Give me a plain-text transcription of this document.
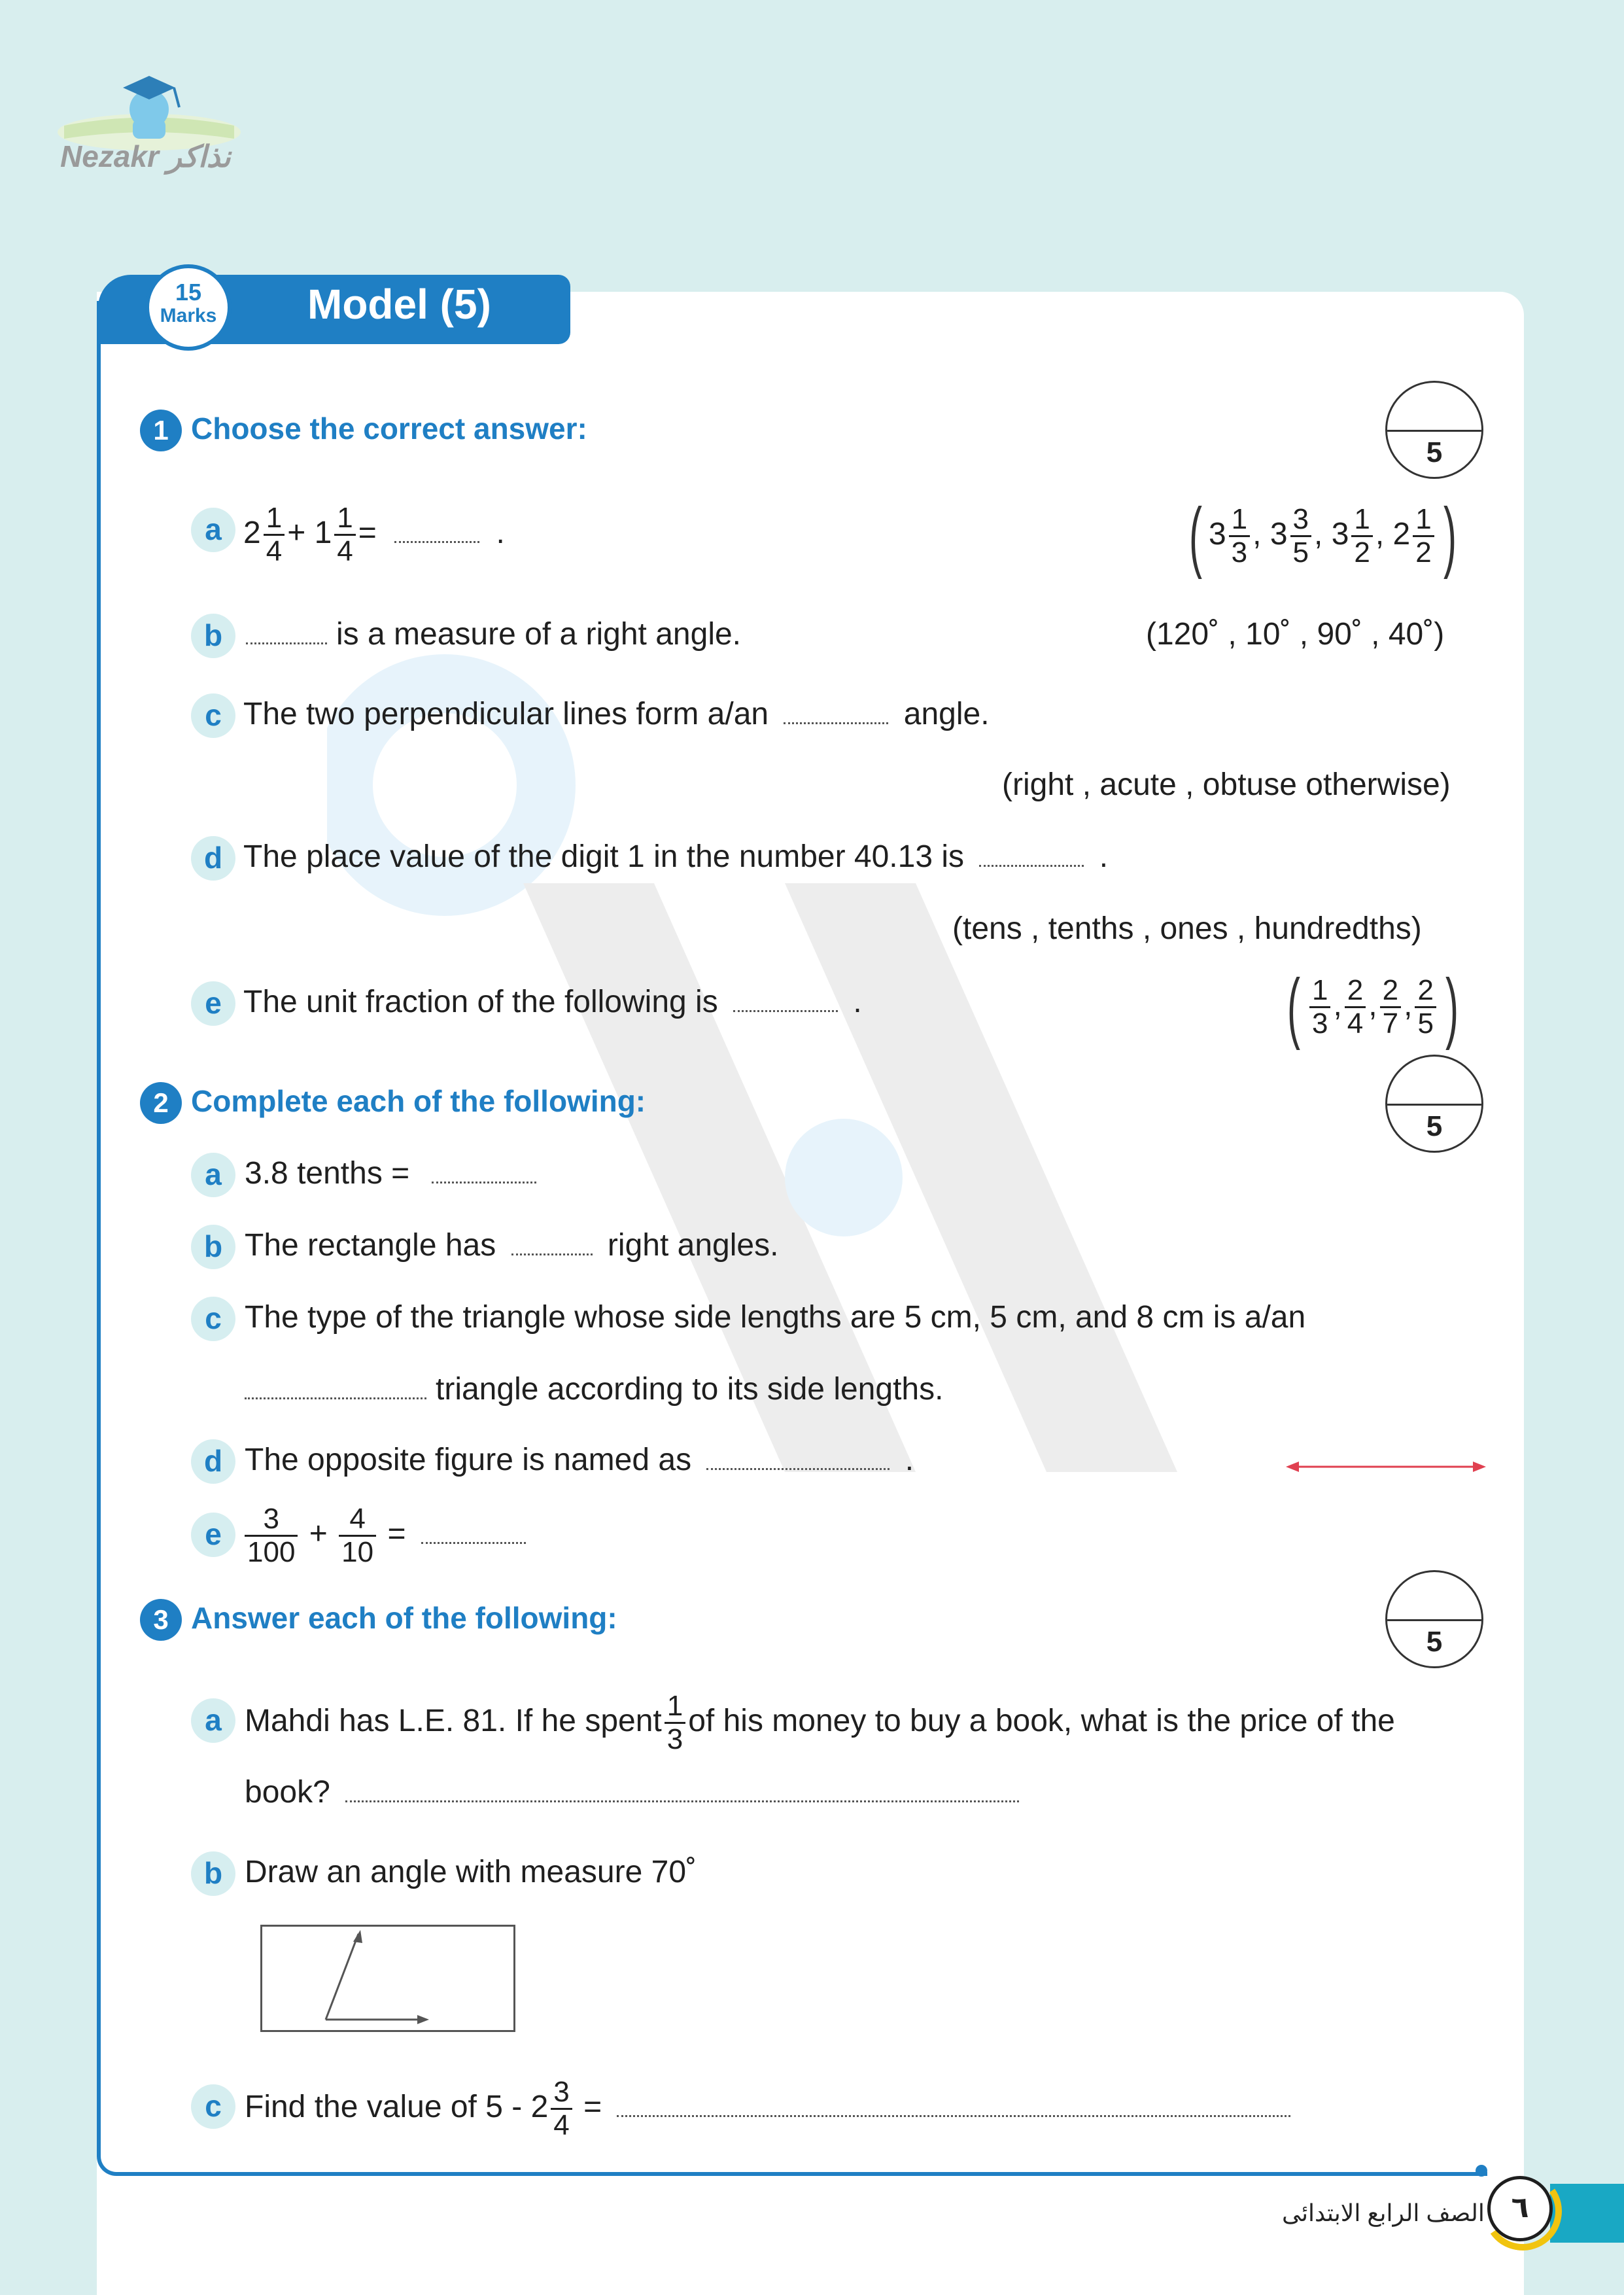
Nezakr نذاكر
Model (5)
15
Marks
1 Choose the correct answer:
5
a $2 \frac{1}{4} + 1 \frac{1}{4}$ =	.	( $3 \frac{1}{3}$ , $3 \frac{3}{5}$ , $3 \frac{1}{2}$ , $2 \frac{1}{2}$ )
b	is a measure of a right angle.	(120˚ , 10˚ , 90˚ , 40˚)
c The two perpendicular lines form a/an	angle.
(right , acute , obtuse otherwise)
d The place value of the digit 1 in the number 40.13 is	.
(tens , tenths , ones , hundredths)
e The unit fraction of the following is	.	( $\frac{1}{3}$ , $\frac{2}{4}$ , $\frac{2}{7}$ , $\frac{2}{5}$ )
2 Complete each of the following:
5
a 3.8 tenths =
b The rectangle has	right angles.
c The type of the triangle whose side lengths are 5 cm, 5 cm, and 8 cm is a/an
triangle according to its side lengths.
d The opposite figure is named as	.
e $\frac{3}{100} + \frac{4}{10}$ =
3 Answer each of the following:
5
a Mahdi has L.E. 81. If he spent $\frac{1}{3}$ of his money to buy a book, what is the price of the
book?
b Draw an angle with measure 70˚
c Find the value of $5 - 2 \frac{3}{4}$ =
الصف الرابع الابتدائى ٦
